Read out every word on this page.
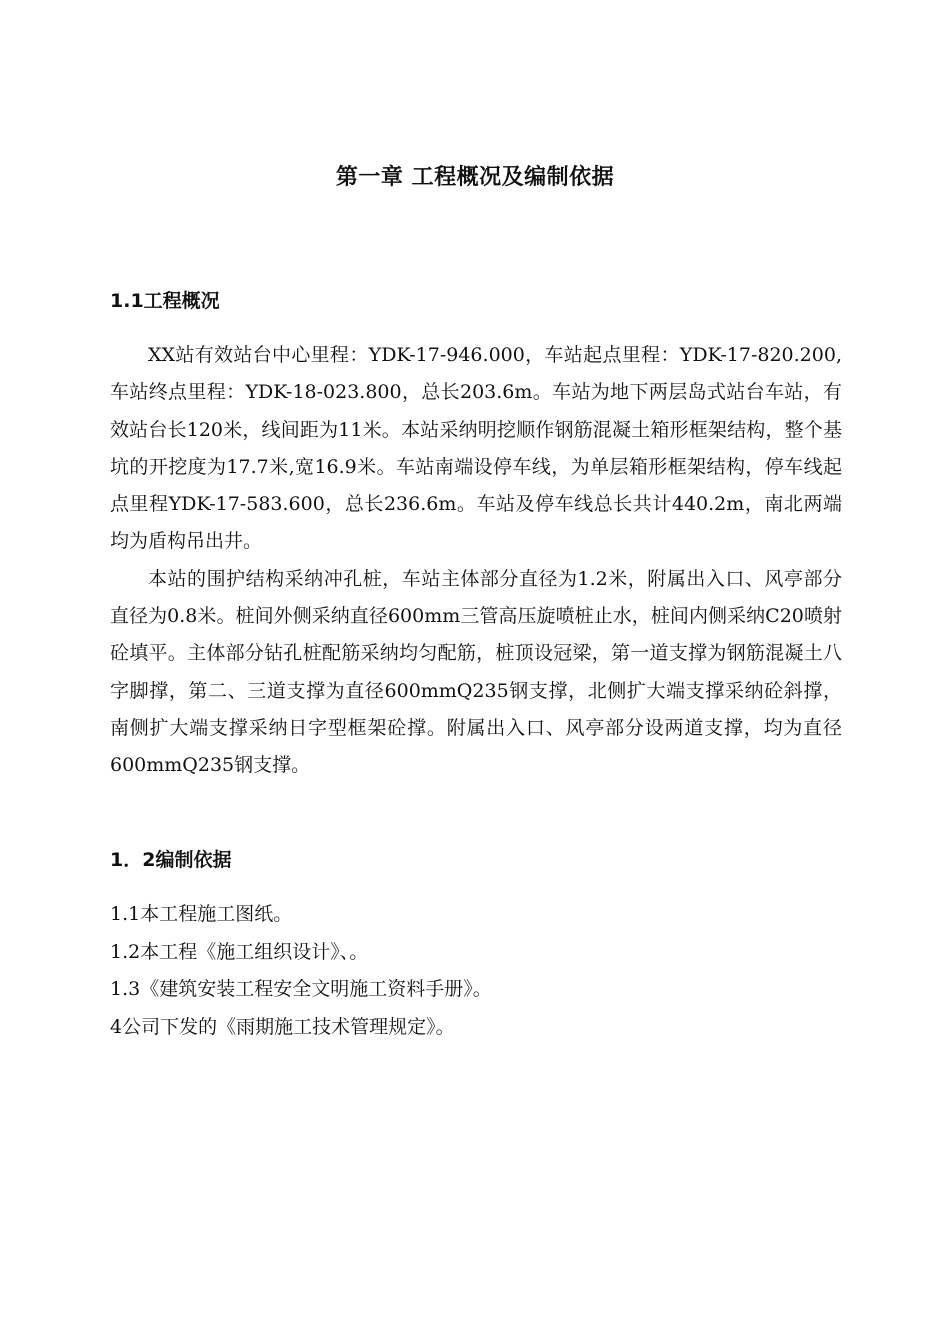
第一章 工程概况及编制依据
1.1工程概况

XX站有效站台中心里程：YDK-17-946.000，车站起点里程：YDK-17-820.200,车站终点里程：YDK-18-023.800，总长203.6m。车站为地下两层岛式站台车站，有效站台长120米，线间距为11米。本站采纳明挖顺作钢筋混凝土箱形框架结构，整个基坑的开挖度为17.7米,宽16.9米。车站南端设停车线，为单层箱形框架结构，停车线起点里程YDK-17-583.600，总长236.6m。车站及停车线总长共计440.2m，南北两端均为盾构吊出井。

本站的围护结构采纳冲孔桩，车站主体部分直径为1.2米，附属出入口、风亭部分直径为0.8米。桩间外侧采纳直径600mm三管高压旋喷桩止水，桩间内侧采纳C20喷射砼填平。主体部分钻孔桩配筋采纳均匀配筋，桩顶设冠梁，第一道支撑为钢筋混凝土八字脚撑，第二、三道支撑为直径600mmQ235钢支撑，北侧扩大端支撑采纳砼斜撑，南侧扩大端支撑采纳日字型框架砼撑。附属出入口、风亭部分设两道支撑，均为直径600mmQ235钢支撑。

1．2编制依据
1.1本工程施工图纸。
1.2本工程《施工组织设计》、。
1.3《建筑安装工程安全文明施工资料手册》。
4公司下发的《雨期施工技术管理规定》。
